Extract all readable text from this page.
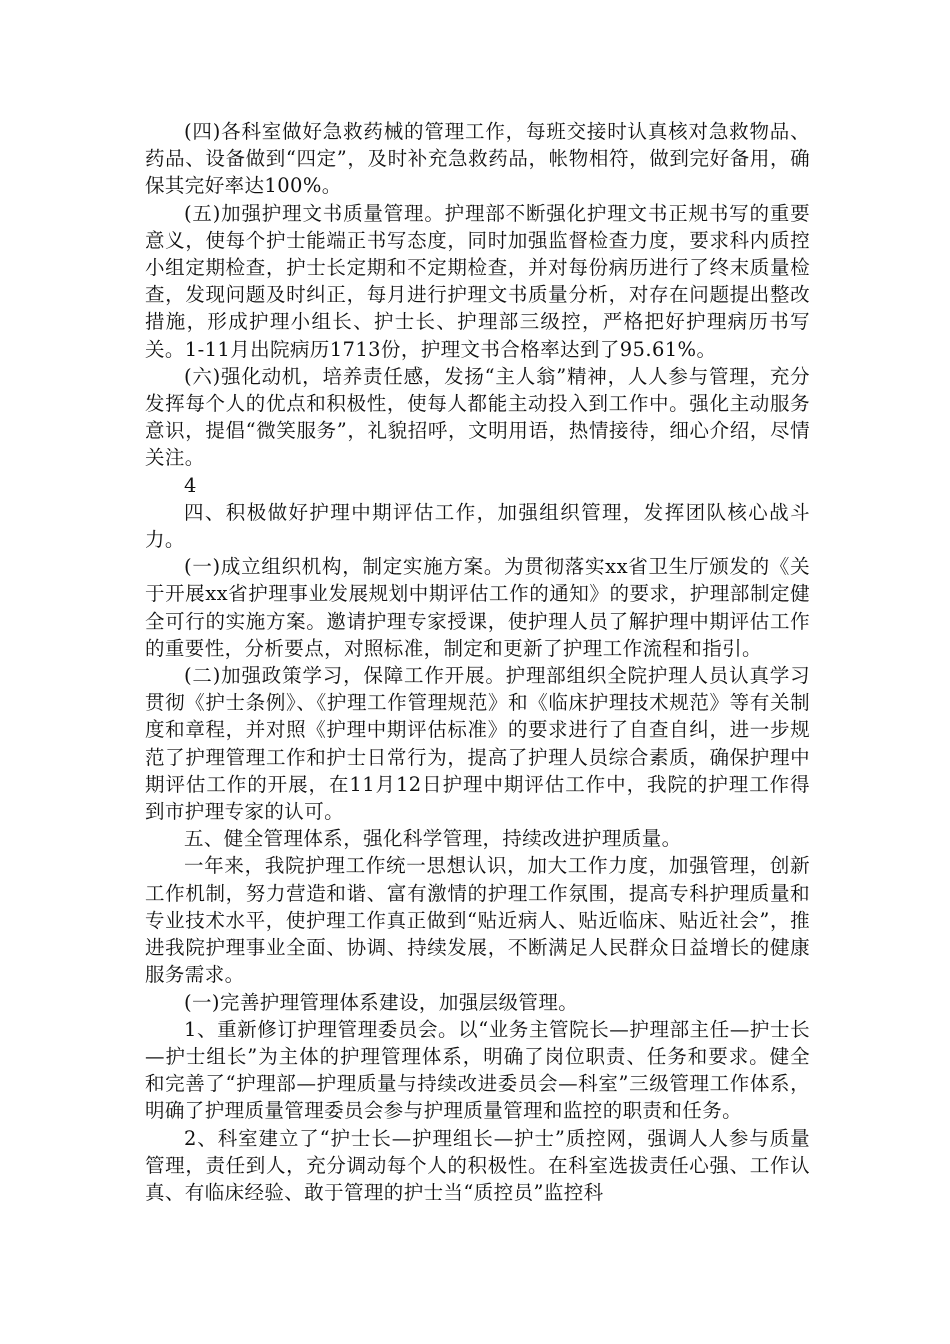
(四)各科室做好急救药械的管理工作，每班交接时认真核对急救物品、药品、设备做到“四定”，及时补充急救药品，帐物相符，做到完好备用，确保其完好率达100%。

(五)加强护理文书质量管理。护理部不断强化护理文书正规书写的重要意义，使每个护士能端正书写态度，同时加强监督检查力度，要求科内质控小组定期检查，护士长定期和不定期检查，并对每份病历进行了终末质量检查，发现问题及时纠正，每月进行护理文书质量分析，对存在问题提出整改措施，形成护理小组长、护士长、护理部三级控，严格把好护理病历书写关。1-11月出院病历1713份，护理文书合格率达到了95.61%。

(六)强化动机，培养责任感，发扬“主人翁”精神，人人参与管理，充分发挥每个人的优点和积极性，使每人都能主动投入到工作中。强化主动服务意识，提倡“微笑服务”，礼貌招呼，文明用语，热情接待，细心介绍，尽情关注。

4

四、积极做好护理中期评估工作，加强组织管理，发挥团队核心战斗力。

(一)成立组织机构，制定实施方案。为贯彻落实xx省卫生厅颁发的《关于开展xx省护理事业发展规划中期评估工作的通知》的要求，护理部制定健全可行的实施方案。邀请护理专家授课，使护理人员了解护理中期评估工作的重要性，分析要点，对照标准，制定和更新了护理工作流程和指引。

(二)加强政策学习，保障工作开展。护理部组织全院护理人员认真学习贯彻《护士条例》、《护理工作管理规范》和《临床护理技术规范》等有关制度和章程，并对照《护理中期评估标准》的要求进行了自查自纠，进一步规范了护理管理工作和护士日常行为，提高了护理人员综合素质，确保护理中期评估工作的开展，在11月12日护理中期评估工作中，我院的护理工作得到市护理专家的认可。

五、健全管理体系，强化科学管理，持续改进护理质量。

一年来，我院护理工作统一思想认识，加大工作力度，加强管理，创新工作机制，努力营造和谐、富有激情的护理工作氛围，提高专科护理质量和专业技术水平，使护理工作真正做到“贴近病人、贴近临床、贴近社会”，推进我院护理事业全面、协调、持续发展，不断满足人民群众日益增长的健康服务需求。

(一)完善护理管理体系建设，加强层级管理。

1、重新修订护理管理委员会。以“业务主管院长—护理部主任—护士长—护士组长”为主体的护理管理体系，明确了岗位职责、任务和要求。健全和完善了“护理部—护理质量与持续改进委员会—科室”三级管理工作体系，明确了护理质量管理委员会参与护理质量管理和监控的职责和任务。

2、科室建立了“护士长—护理组长—护士”质控网，强调人人参与质量管理，责任到人，充分调动每个人的积极性。在科室选拔责任心强、工作认真、有临床经验、敢于管理的护士当“质控员”监控科
